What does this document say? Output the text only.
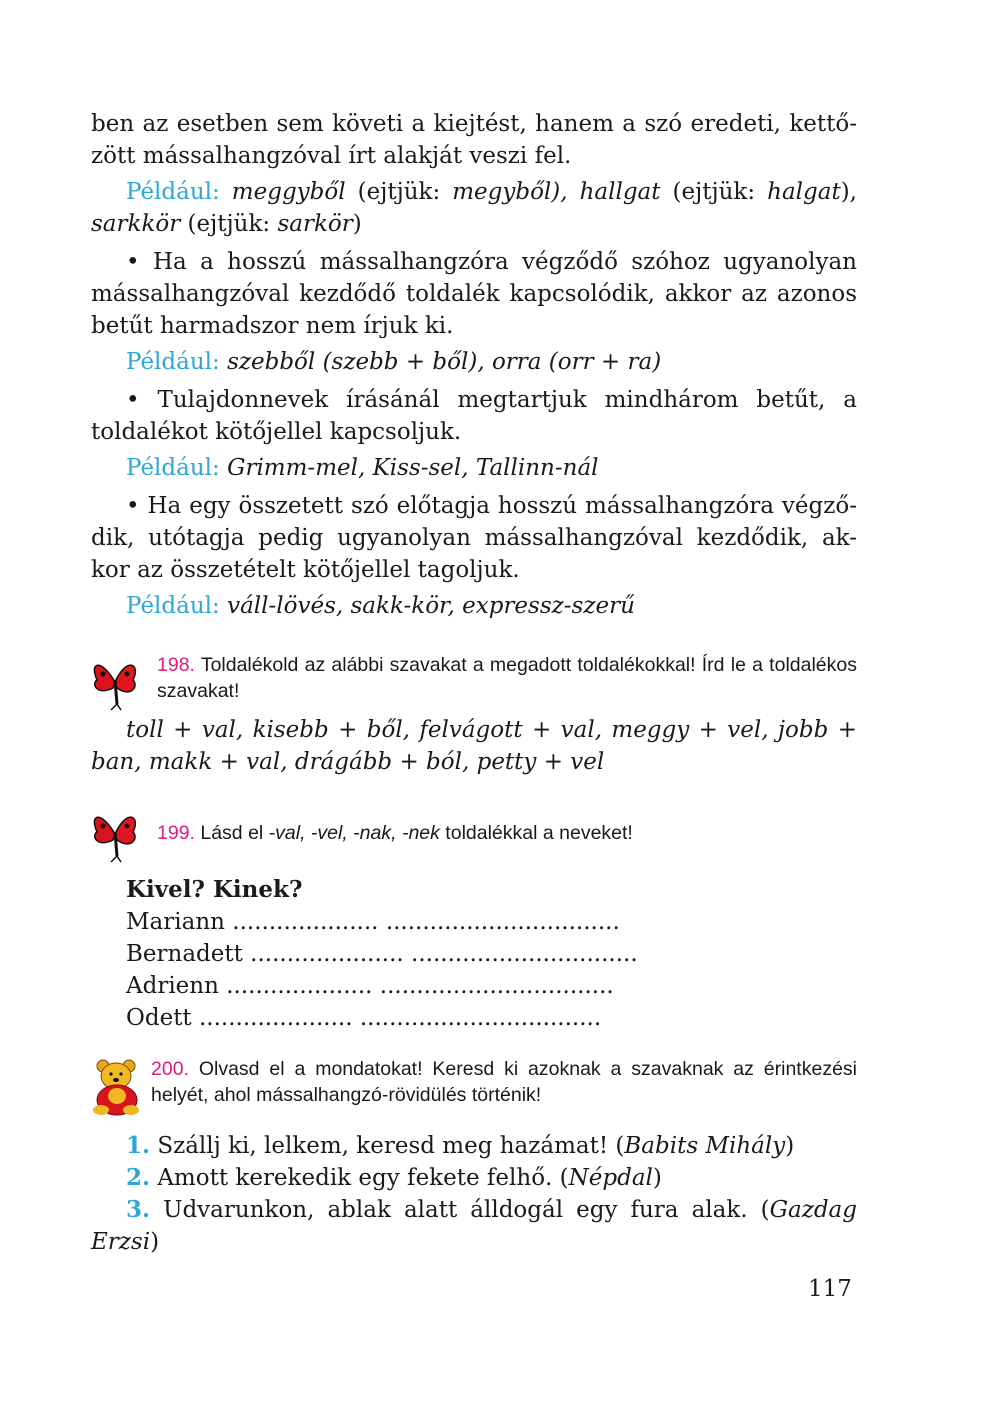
ben az esetben sem követi a kiejtést, hanem a szó eredeti, kettő-zött mássalhangzóval írt alakját veszi fel.

Például: meggyből (ejtjük: megyből), hallgat (ejtjük: halgat), sarkkör (ejtjük: sarkör)

• Ha a hosszú mássalhangzóra végződő szóhoz ugyanolyan mássalhangzóval kezdődő toldalék kapcsolódik, akkor az azonos betűt harmadszor nem írjuk ki.

Például: szebből (szebb + ből), orra (orr + ra)

• Tulajdonnevek írásánál megtartjuk mindhárom betűt, a toldalékot kötőjellel kapcsoljuk.

Például: Grimm-mel, Kiss-sel, Tallinn-nál

• Ha egy összetett szó előtagja hosszú mássalhangzóra végző-dik, utótagja pedig ugyanolyan mássalhangzóval kezdődik, ak-kor az összetételt kötőjellel tagoljuk.

Például: váll-lövés, sakk-kör, expressz-szerű
198. Toldalékold az alábbi szavakat a megadott toldalékokkal! Írd le a toldalékos szavakat!

toll + val, kisebb + ből, felvágott + val, meggy + vel, jobb + ban, makk + val, drágább + ból, petty + vel

199. Lásd el -val, -vel, -nak, -nek toldalékkal a neveket!
Kivel? Kinek?
Mariann .................... ................................
Bernadett ..................... ...............................
Adrienn .................... ................................
Odett ..................... .................................
200. Olvasd el a mondatokat! Keresd ki azoknak a szavaknak az érintkezési helyét, ahol mássalhangzó-rövidülés történik!

1. Szállj ki, lelkem, keresd meg hazámat! (Babits Mihály)

2. Amott kerekedik egy fekete felhő. (Népdal)

3. Udvarunkon, ablak alatt álldogál egy fura alak. (Gazdag Erzsi)

117
